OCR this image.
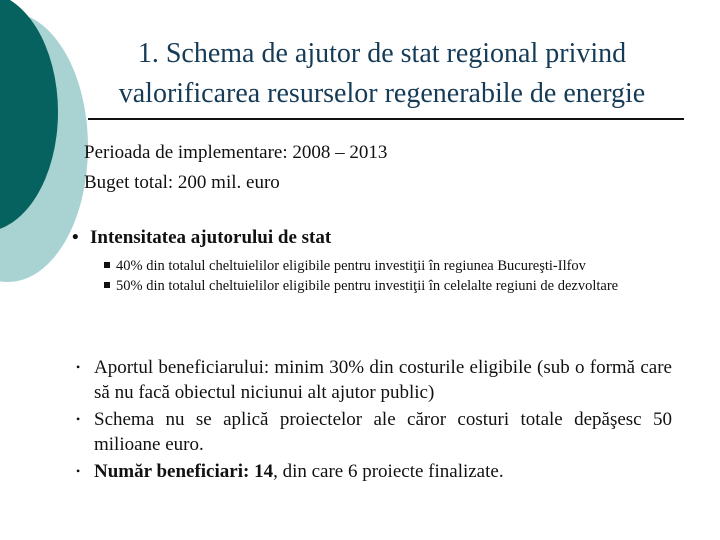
1. Schema de ajutor de stat regional privind
valorificarea resurselor regenerabile de energie
Perioada de implementare: 2008 – 2013
Buget total: 200 mil. euro
• Intensitatea ajutorului de stat
40% din totalul cheltuielilor eligibile pentru investiţii în regiunea Bucureşti-Ilfov
50% din totalul cheltuielilor eligibile pentru investiţii în celelalte regiuni de dezvoltare
• Aportul beneficiarului: minim 30% din costurile eligibile (sub o formă care să nu facă obiectul niciunui alt ajutor public)
• Schema nu se aplică proiectelor ale căror costuri totale depăşesc 50 milioane euro.
• Număr beneficiari: 14, din care 6 proiecte finalizate.
